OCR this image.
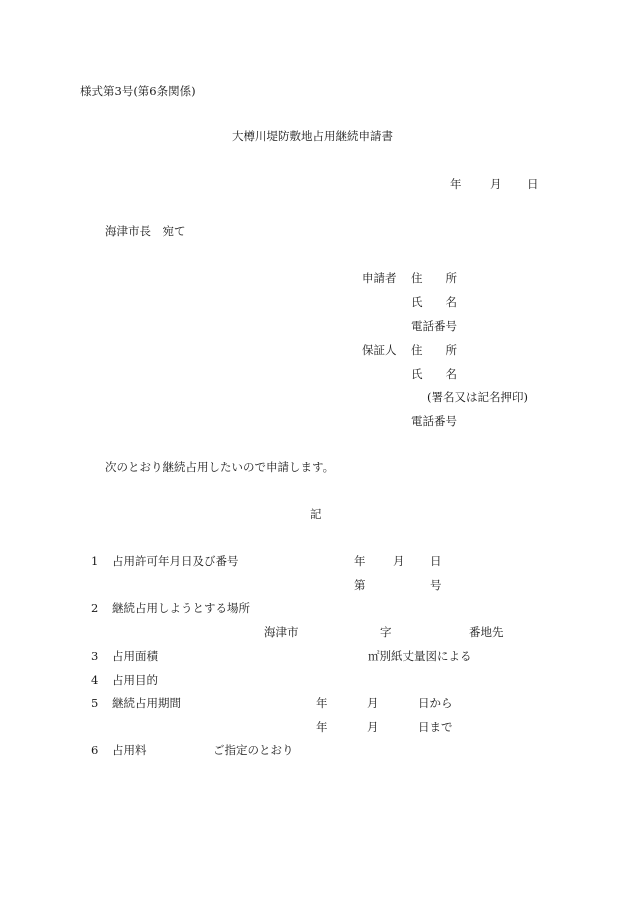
様式第3号(第6条関係)
大樽川堤防敷地占用継続申請書
年 月 日
海津市長　宛て
申請者 住　　所
氏　　名
電話番号
保証人 住　　所
氏　　名
(署名又は記名押印)
電話番号
次のとおり継続占用したいので申請します。
記
1 占用許可年月日及び番号	年 月 日
第	号
2 継続占用しようとする場所
海津市	字	番地先
3 占用面積	㎡別紙丈量図による
4 占用目的
5 継続占用期間	年	月	日から
年	月	日まで
6 占用料	ご指定のとおり
